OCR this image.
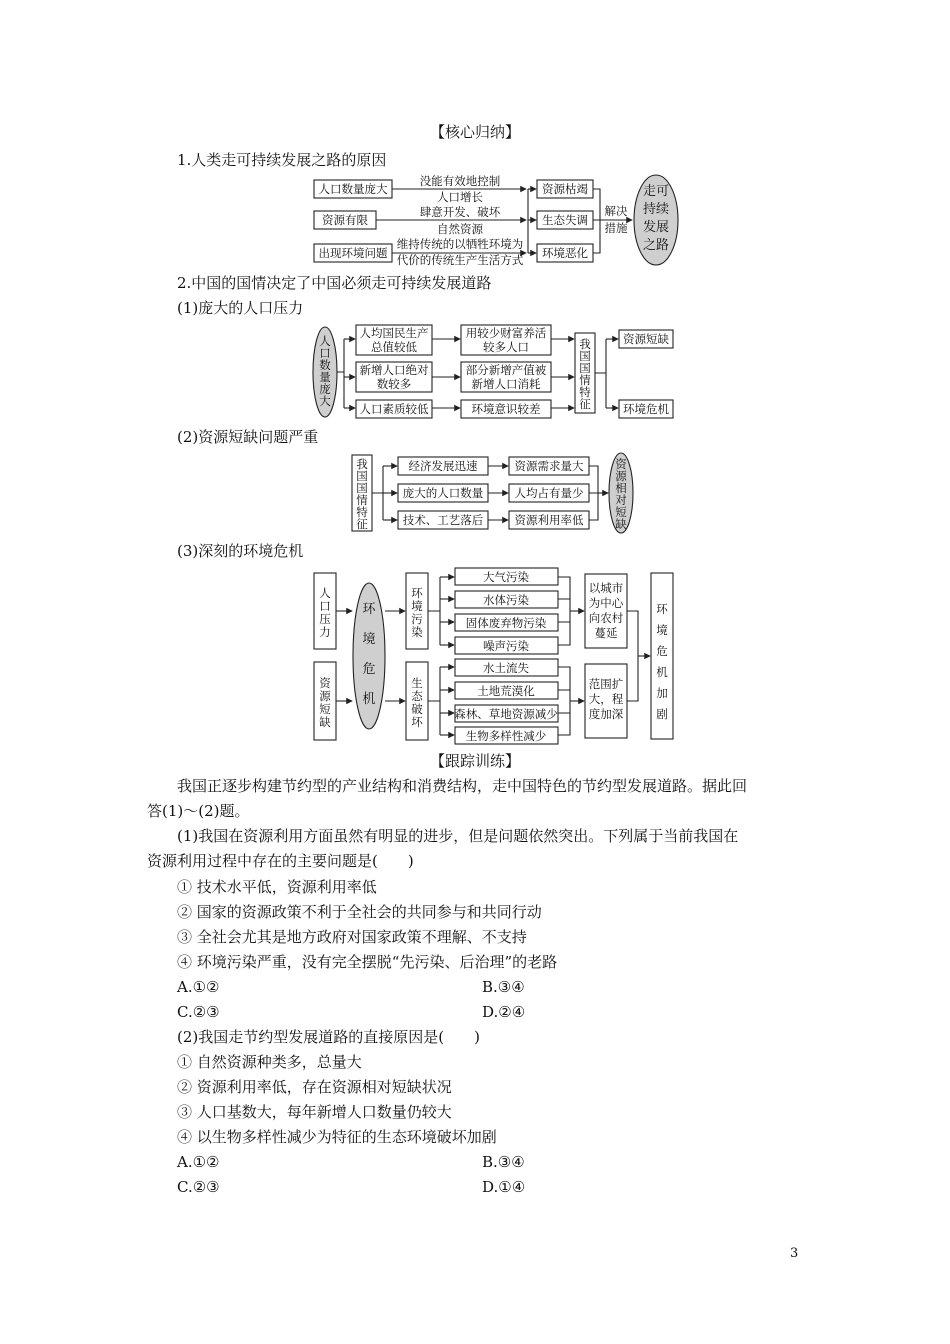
【核心归纳】
1.人类走可持续发展之路的原因
人口数量庞大
资源有限
出现环境问题
没能有效地控制
人口增长
肆意开发、破坏
自然资源
维持传统的以牺牲环境为
代价的传统生产生活方式
资源枯竭
生态失调
环境恶化
解决
措施
走可
持续
发展
之路
2.中国的国情决定了中国必须走可持续发展道路
(1)庞大的人口压力
人
口
数
量
庞
大
人均国民生产
总值较低
新增人口绝对
数较多
人口素质较低
用较少财富养活
较多人口
部分新增产值被
新增人口消耗
环境意识较差
我
国
国
情
特
征
资源短缺
环境危机
(2)资源短缺问题严重
我
国
国
情
特
征
经济发展迅速
庞大的人口数量
技术、工艺落后
资源需求量大
人均占有量少
资源利用率低
资
源
相
对
短
缺
(3)深刻的环境危机
人
口
压
力
资
源
短
缺
环
境
危
机
环
境
污
染
生
态
破
坏
大气污染
水体污染
固体废弃物污染
噪声污染
水土流失
土地荒漠化
森林、草地资源减少
生物多样性减少
以城市
为中心
向农村
蔓延
范围扩
大，程
度加深
环
境
危
机
加
剧
【跟踪训练】
我国正逐步构建节约型的产业结构和消费结构，走中国特色的节约型发展道路。据此回
答(1)～(2)题。
(1)我国在资源利用方面虽然有明显的进步，但是问题依然突出。下列属于当前我国在
资源利用过程中存在的主要问题是(　　)
① 技术水平低，资源利用率低
② 国家的资源政策不利于全社会的共同参与和共同行动
③ 全社会尤其是地方政府对国家政策不理解、不支持
④ 环境污染严重，没有完全摆脱“先污染、后治理”的老路
A.①②	B.③④
C.②③	D.②④
(2)我国走节约型发展道路的直接原因是(　　)
① 自然资源种类多，总量大
② 资源利用率低，存在资源相对短缺状况
③ 人口基数大，每年新增人口数量仍较大
④ 以生物多样性减少为特征的生态环境破坏加剧
A.①②	B.③④
C.②③	D.①④
3
